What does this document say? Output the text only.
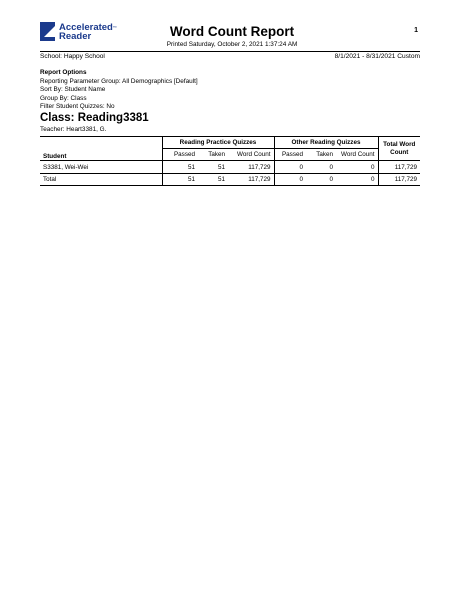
Accelerated™
Reader	Word Count Report
Printed Saturday, October 2, 2021 1:37:24 AM
1
School: Happy School	8/1/2021 - 8/31/2021 Custom
Report Options
Reporting Parameter Group: All Demographics [Default]
Sort By: Student Name
Group By: Class
Filter Student Quizzes: No
Class: Reading3381
Teacher: Heart3381, G.
Student	Reading Practice Quizzes			Other Reading Quizzes			Total Word
Count
	Passed	Taken	Word Count	Passed	Taken	Word Count	
S3381, Wei-Wei	51	51	117,729	0	0	0	117,729
Total	51	51	117,729	0	0	0	117,729
